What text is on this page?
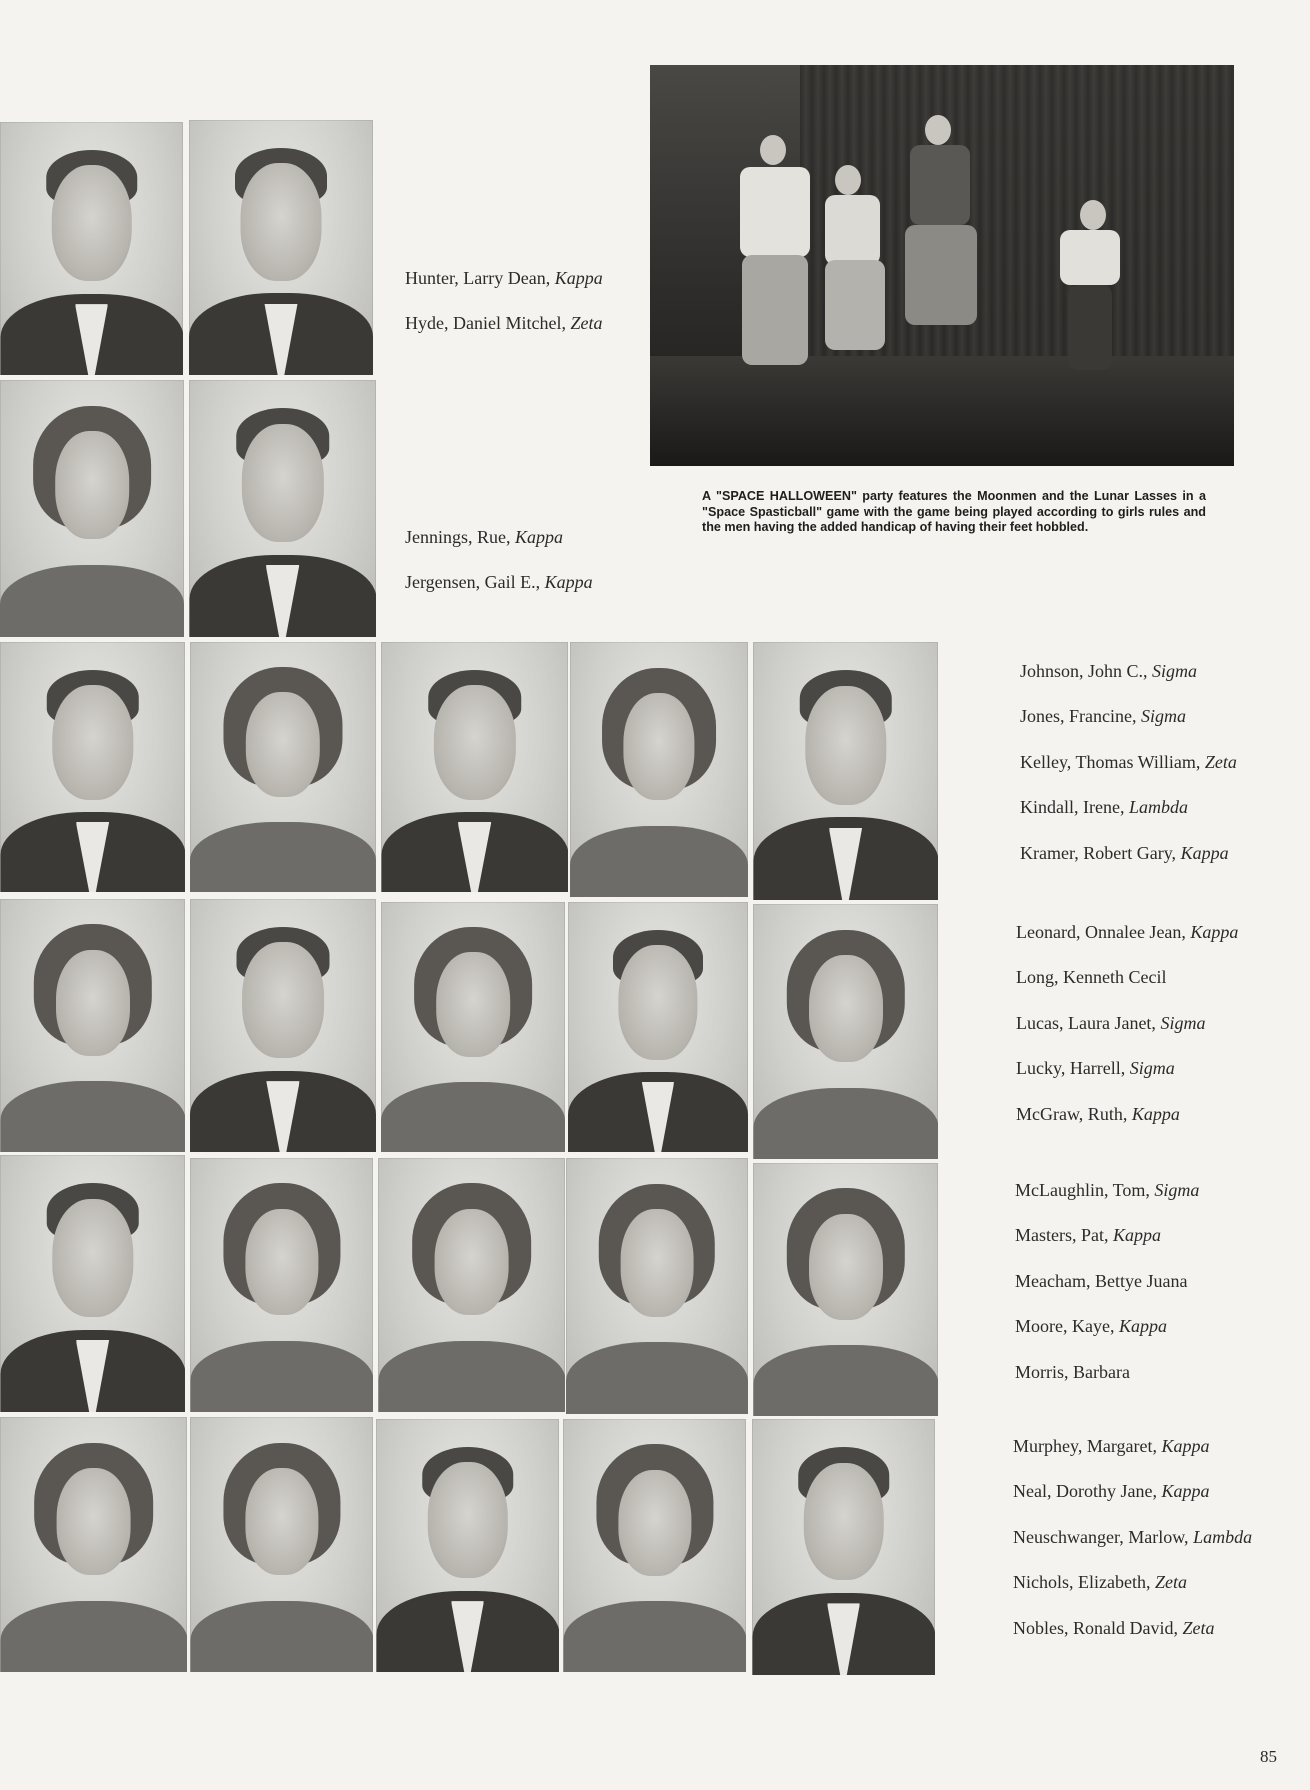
Hunter, Larry Dean, Kappa
Hyde, Daniel Mitchel, Zeta
Jennings, Rue, Kappa
Jergensen, Gail E., Kappa

A "SPACE HALLOWEEN" party features the Moonmen and the Lunar Lasses in a "Space Spasticball" game with the game being played according to girls rules and the men having the added handicap of having their feet hobbled.

Johnson, John C., Sigma
Jones, Francine, Sigma
Kelley, Thomas William, Zeta
Kindall, Irene, Lambda
Kramer, Robert Gary, Kappa
Leonard, Onnalee Jean, Kappa
Long, Kenneth Cecil
Lucas, Laura Janet, Sigma
Lucky, Harrell, Sigma
McGraw, Ruth, Kappa
McLaughlin, Tom, Sigma
Masters, Pat, Kappa
Meacham, Bettye Juana
Moore, Kaye, Kappa
Morris, Barbara
Murphey, Margaret, Kappa
Neal, Dorothy Jane, Kappa
Neuschwanger, Marlow, Lambda
Nichols, Elizabeth, Zeta
Nobles, Ronald David, Zeta
85
